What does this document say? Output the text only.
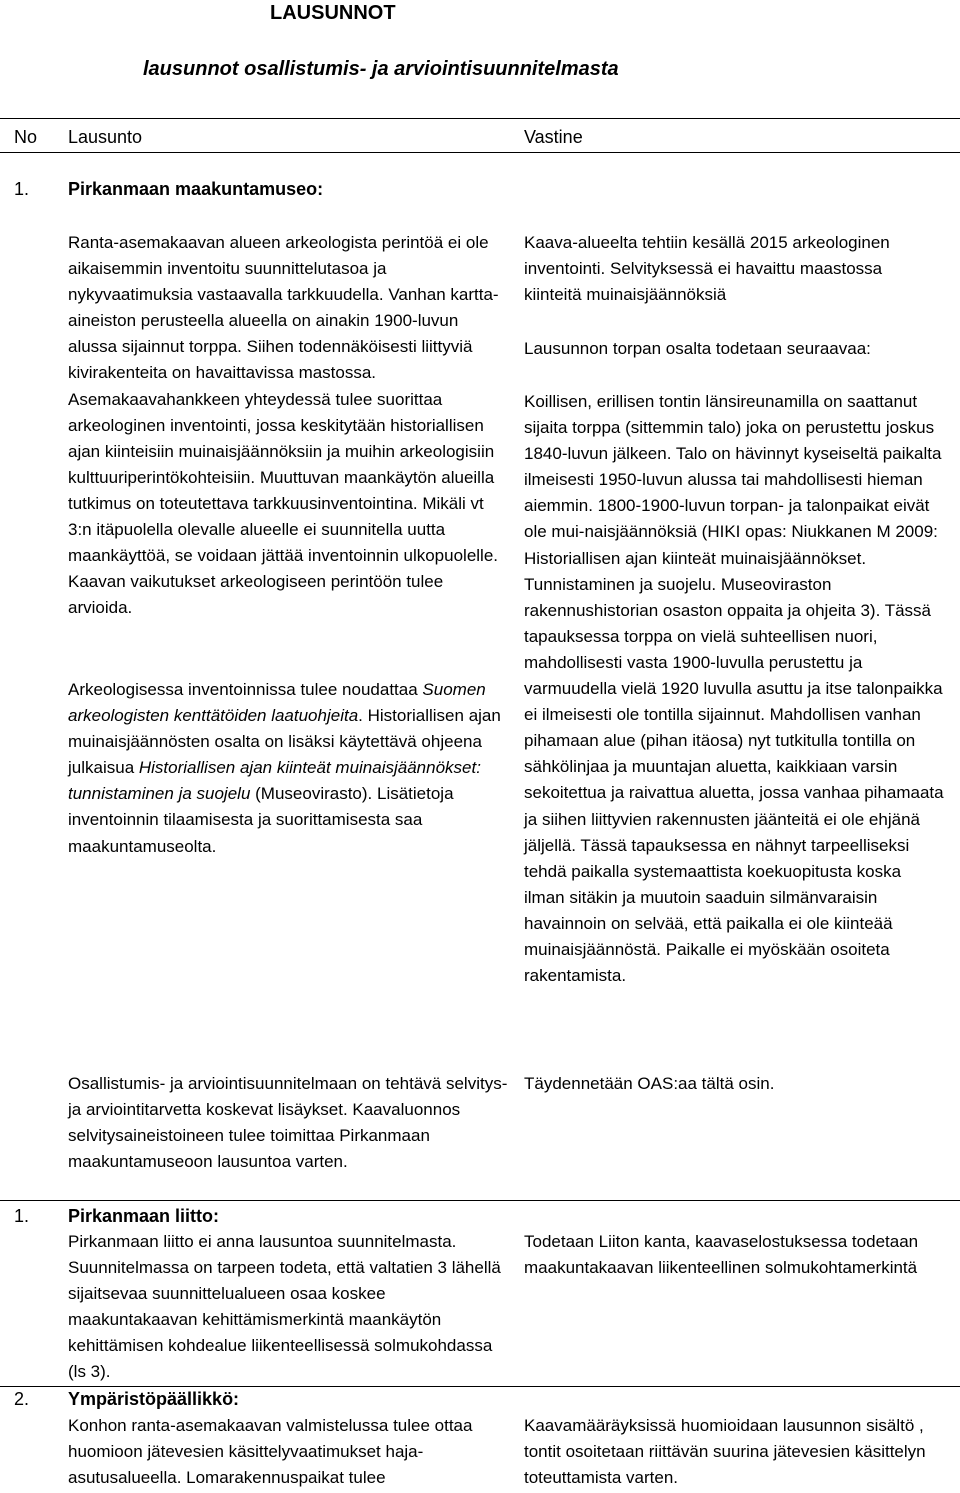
LAUSUNNOT
lausunnot osallistumis- ja arviointisuunnitelmasta
No Lausunto	Vastine
1. Pirkanmaan maakuntamuseo:
Ranta-asemakaavan alueen arkeologista perintöä ei ole aikaisemmin inventoitu suunnittelutasoa ja nykyvaatimuksia vastaavalla tarkkuudella. Vanhan kartta-aineiston perusteella alueella on ainakin 1900-luvun alussa sijainnut torppa. Siihen todennäköisesti liittyviä kivirakenteita on havaittavissa mastossa. Asemakaavahankkeen yhteydessä tulee suorittaa arkeologinen inventointi, jossa keskitytään historiallisen ajan kiinteisiin muinaisjäännöksiin ja muihin arkeologisiin kulttuuriperintökohteisiin. Muuttuvan maankäytön alueilla tutkimus on toteutettava tarkkuusinventointina. Mikäli vt 3:n itäpuolella olevalle alueelle ei suunnitella uutta maankäyttöä, se voidaan jättää inventoinnin ulkopuolelle. Kaavan vaikutukset arkeologiseen perintöön tulee arvioida.

Arkeologisessa inventoinnissa tulee noudattaa Suomen arkeologisten kenttätöiden laatuohjeita. Historiallisen ajan muinaisjäännösten osalta on lisäksi käytettävä ohjeena julkaisua Historiallisen ajan kiinteät muinaisjäännökset: tunnistaminen ja suojelu (Museovirasto). Lisätietoja inventoinnin tilaamisesta ja suorittamisesta saa maakuntamuseolta.

Osallistumis- ja arviointisuunnitelmaan on tehtävä selvitys- ja arviointitarvetta koskevat lisäykset. Kaavaluonnos selvitysaineistoineen tulee toimittaa Pirkanmaan maakuntamuseoon lausuntoa varten.
Kaava-alueelta tehtiin kesällä 2015 arkeologinen inventointi. Selvityksessä ei havaittu maastossa kiinteitä muinaisjäännöksiä
Lausunnon torpan osalta todetaan seuraavaa:
Koillisen, erillisen tontin länsireunamilla on saattanut sijaita torppa (sittemmin talo) joka on perustettu joskus 1840-luvun jälkeen. Talo on hävinnyt kyseiseltä paikalta ilmeisesti 1950-luvun alussa tai mahdollisesti hieman aiemmin. 1800-1900-luvun torpan- ja talonpaikat eivät ole mui-naisjäännöksiä (HIKI opas: Niukkanen M 2009: Historiallisen ajan kiinteät muinaisjäännökset. Tunnistaminen ja suojelu. Museoviraston rakennushistorian osaston oppaita ja ohjeita 3). Tässä tapauksessa torppa on vielä suhteellisen nuori, mahdollisesti vasta 1900-luvulla perustettu ja varmuudella vielä 1920 luvulla asuttu ja itse talonpaikka ei ilmeisesti ole tontilla sijainnut. Mahdollisen vanhan pihamaan alue (pihan itäosa) nyt tutkitulla tontilla on sähkölinjaa ja muuntajan aluetta, kaikkiaan varsin sekoitettua ja raivattua aluetta, jossa vanhaa pihamaata ja siihen liittyvien rakennusten jäänteitä ei ole ehjänä jäljellä. Tässä tapauksessa en nähnyt tarpeelliseksi tehdä paikalla systemaattista koekuopitusta koska ilman sitäkin ja muutoin saaduin silmänvaraisin havainnoin on selvää, että paikalla ei ole kiinteää muinaisjäännöstä. Paikalle ei myöskään osoiteta rakentamista.
Täydennetään OAS:aa tältä osin.
1. Pirkanmaan liitto:
Pirkanmaan liitto ei anna lausuntoa suunnitelmasta. Suunnitelmassa on tarpeen todeta, että valtatien 3 lähellä sijaitsevaa suunnittelualueen osaa koskee maakuntakaavan kehittämismerkintä maankäytön kehittämisen kohdealue liikenteellisessä solmukohdassa (ls 3).
Todetaan Liiton kanta, kaavaselostuksessa todetaan maakuntakaavan liikenteellinen solmukohtamerkintä
2. Ympäristöpäällikkö:
Konhon ranta-asemakaavan valmistelussa tulee ottaa huomioon jätevesien käsittelyvaatimukset haja-asutusalueella. Lomarakennuspaikat tulee
Kaavamääräyksissä huomioidaan lausunnon sisältö , tontit osoitetaan riittävän suurina jätevesien käsittelyn toteuttamista varten.
